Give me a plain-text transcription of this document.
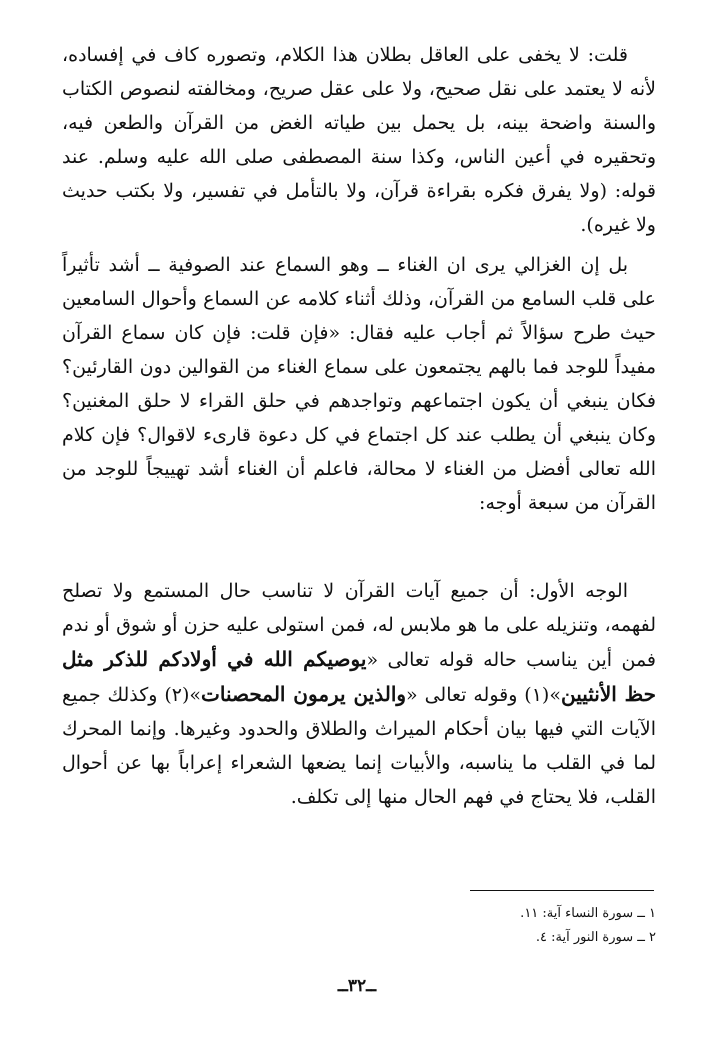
قلت: لا يخفى على العاقل بطلان هذا الكلام، وتصوره كاف في إفساده، لأنه لا يعتمد على نقل صحيح، ولا على عقل صريح، ومخالفته لنصوص الكتاب والسنة واضحة بينه، بل يحمل بين طياته الغض من القرآن والطعن فيه، وتحقيره في أعين الناس، وكذا سنة المصطفى صلى الله عليه وسلم. عند قوله: (ولا يفرق فكره بقراءة قرآن، ولا بالتأمل في تفسير، ولا بكتب حديث ولا غيره).

بل إن الغزالي يرى ان الغناء ــ وهو السماع عند الصوفية ــ أشد تأثيراً على قلب السامع من القرآن، وذلك أثناء كلامه عن السماع وأحوال السامعين حيث طرح سؤالاً ثم أجاب عليه فقال: «فإن قلت: فإن كان سماع القرآن مفيداً للوجد فما بالهم يجتمعون على سماع الغناء من القوالين دون القارئين؟ فكان ينبغي أن يكون اجتماعهم وتواجدهم في حلق القراء لا حلق المغنين؟ وكان ينبغي أن يطلب عند كل اجتماع في كل دعوة قارىء لاقوال؟ فإن كلام الله تعالى أفضل من الغناء لا محالة، فاعلم أن الغناء أشد تهييجاً للوجد من القرآن من سبعة أوجه:

الوجه الأول: أن جميع آيات القرآن لا تناسب حال المستمع ولا تصلح لفهمه، وتنزيله على ما هو ملابس له، فمن استولى عليه حزن أو شوق أو ندم فمن أين يناسب حاله قوله تعالى «يوصيكم الله في أولادكم للذكر مثل حظ الأنثيين»(١) وقوله تعالى «والذين يرمون المحصنات»(٢) وكذلك جميع الآيات التي فيها بيان أحكام الميراث والطلاق والحدود وغيرها. وإنما المحرك لما في القلب ما يناسبه، والأبيات إنما يضعها الشعراء إعراباً بها عن أحوال القلب، فلا يحتاج في فهم الحال منها إلى تكلف.

١ ــ سورة النساء آية: ١١.

٢ ــ سورة النور آية: ٤.

ــ٣٢ــ
